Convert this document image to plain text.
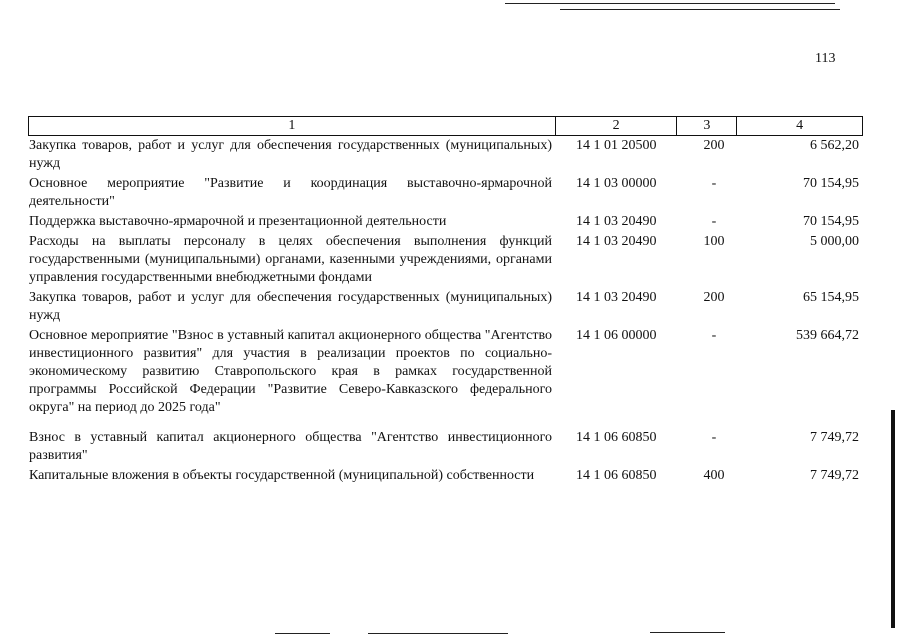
113
1	2	3	4
Закупка товаров, работ и услуг для обеспечения государственных (муниципальных) нужд
14 1 01 20500	200	6 562,20
Основное мероприятие "Развитие и координация выставочно-ярмарочной деятельности"
14 1 03 00000	-	70 154,95
Поддержка выставочно-ярмарочной и презентационной деятельности	14 1 03 20490	-	70 154,95
Расходы на выплаты персоналу в целях обеспечения выполнения функций государственными (муниципальными) органами, казенными учреждениями, органами управления государственными внебюджетными фондами
14 1 03 20490	100	5 000,00
Закупка товаров, работ и услуг для обеспечения государственных (муниципальных) нужд
14 1 03 20490	200	65 154,95
Основное мероприятие "Взнос в уставный капитал акционерного общества "Агентство инвестиционного развития" для участия в реализации проектов по социально-экономическому развитию Ставропольского края в рамках государственной программы Российской Федерации "Развитие Северо-Кавказского федерального округа" на период до 2025 года"
14 1 06 00000	-	539 664,72
Взнос в уставный капитал акционерного общества "Агентство инвестиционного развития"
14 1 06 60850	-	7 749,72
Капитальные вложения в объекты государственной (муниципальной) собственности	14 1 06 60850	400	7 749,72
